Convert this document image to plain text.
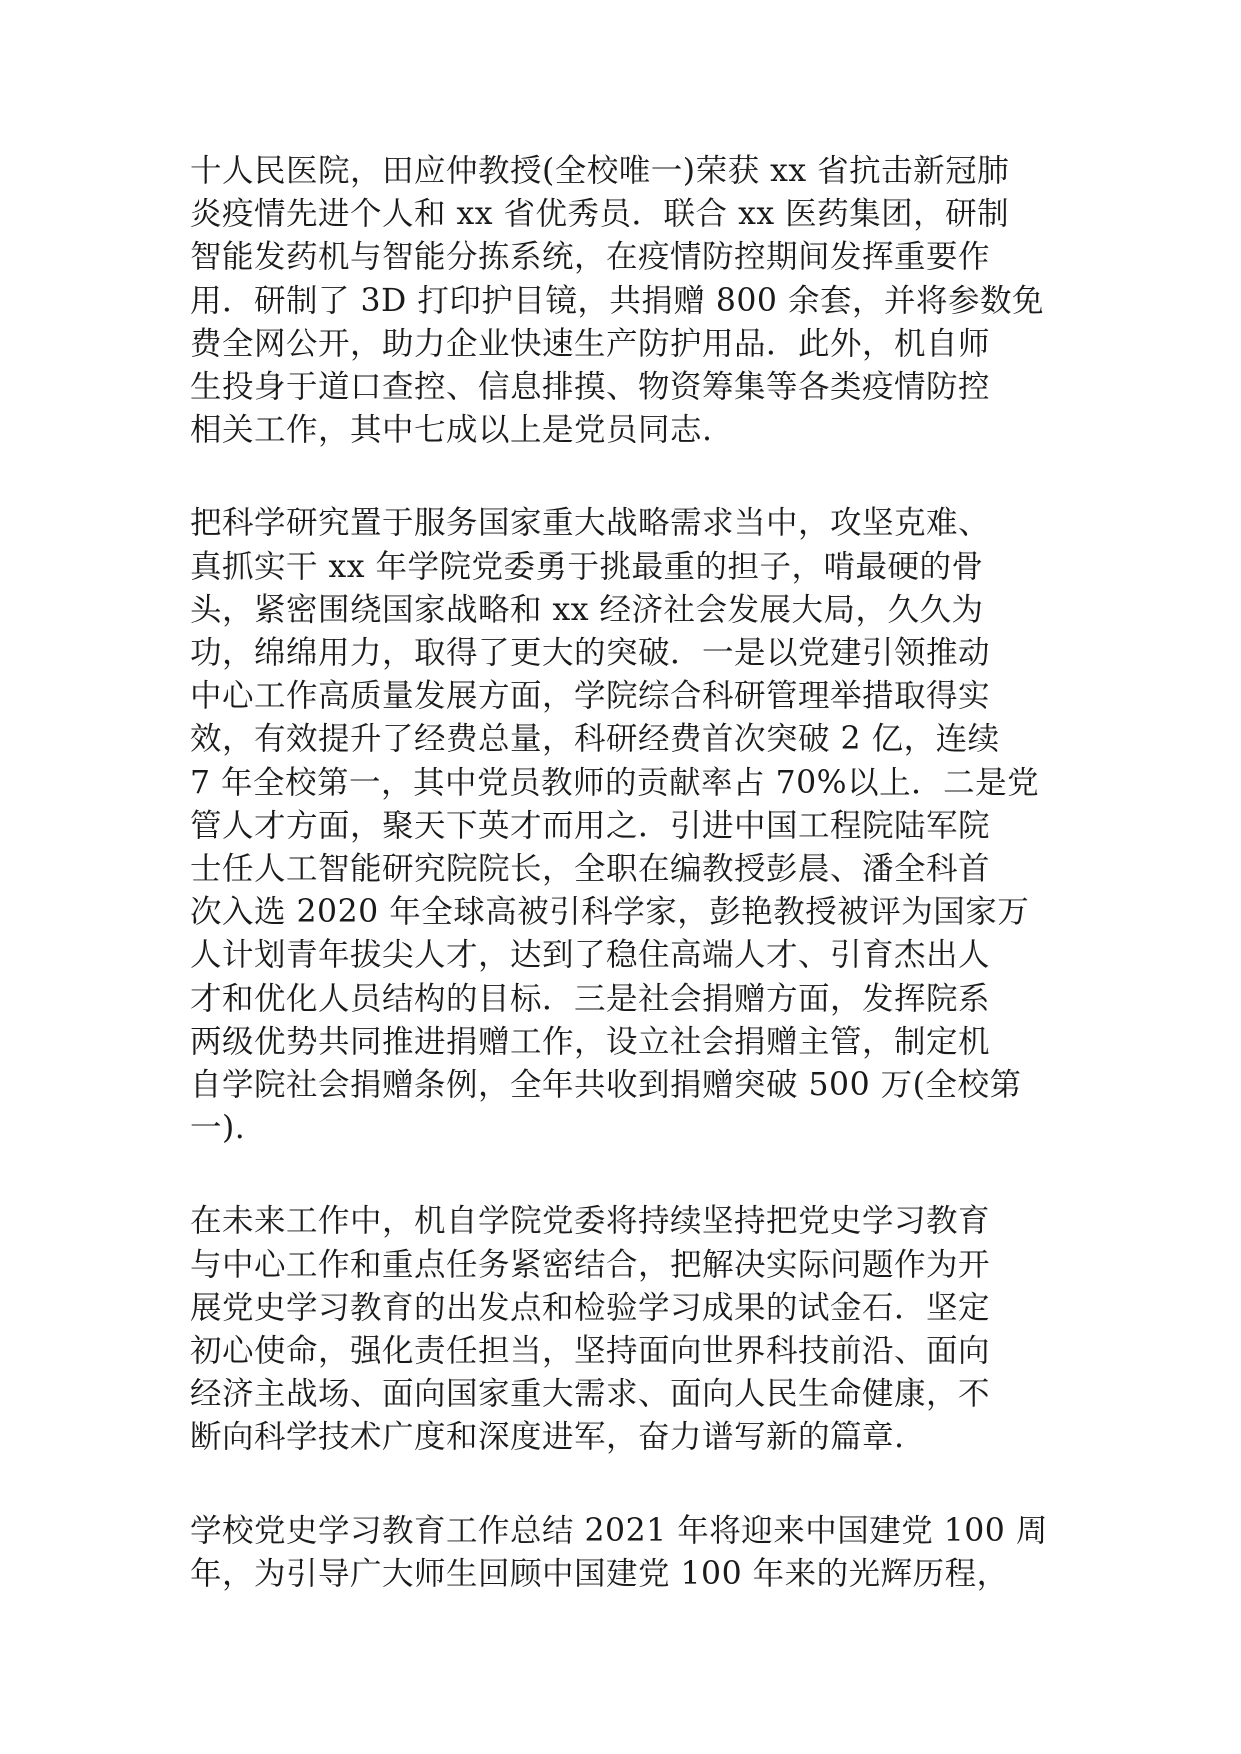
十人民医院，田应仲教授(全校唯一)荣获 xx 省抗击新冠肺
炎疫情先进个人和 xx 省优秀员．联合 xx 医药集团，研制
智能发药机与智能分拣系统，在疫情防控期间发挥重要作
用．研制了 3D 打印护目镜，共捐赠 800 余套，并将参数免
费全网公开，助力企业快速生产防护用品．此外，机自师
生投身于道口查控、信息排摸、物资筹集等各类疫情防控
相关工作，其中七成以上是党员同志.

把科学研究置于服务国家重大战略需求当中，攻坚克难、
真抓实干 xx 年学院党委勇于挑最重的担子，啃最硬的骨
头，紧密围绕国家战略和 xx 经济社会发展大局，久久为
功，绵绵用力，取得了更大的突破．一是以党建引领推动
中心工作高质量发展方面，学院综合科研管理举措取得实
效，有效提升了经费总量，科研经费首次突破 2 亿，连续
7 年全校第一，其中党员教师的贡献率占 70%以上．二是党
管人才方面，聚天下英才而用之．引进中国工程院陆军院
士任人工智能研究院院长，全职在编教授彭晨、潘全科首
次入选 2020 年全球高被引科学家，彭艳教授被评为国家万
人计划青年拔尖人才，达到了稳住高端人才、引育杰出人
才和优化人员结构的目标．三是社会捐赠方面，发挥院系
两级优势共同推进捐赠工作，设立社会捐赠主管，制定机
自学院社会捐赠条例，全年共收到捐赠突破 500 万(全校第
一).

在未来工作中，机自学院党委将持续坚持把党史学习教育
与中心工作和重点任务紧密结合，把解决实际问题作为开
展党史学习教育的出发点和检验学习成果的试金石．坚定
初心使命，强化责任担当，坚持面向世界科技前沿、面向
经济主战场、面向国家重大需求、面向人民生命健康，不
断向科学技术广度和深度进军，奋力谱写新的篇章.

学校党史学习教育工作总结 2021 年将迎来中国建党 100 周
年，为引导广大师生回顾中国建党 100 年来的光辉历程，
